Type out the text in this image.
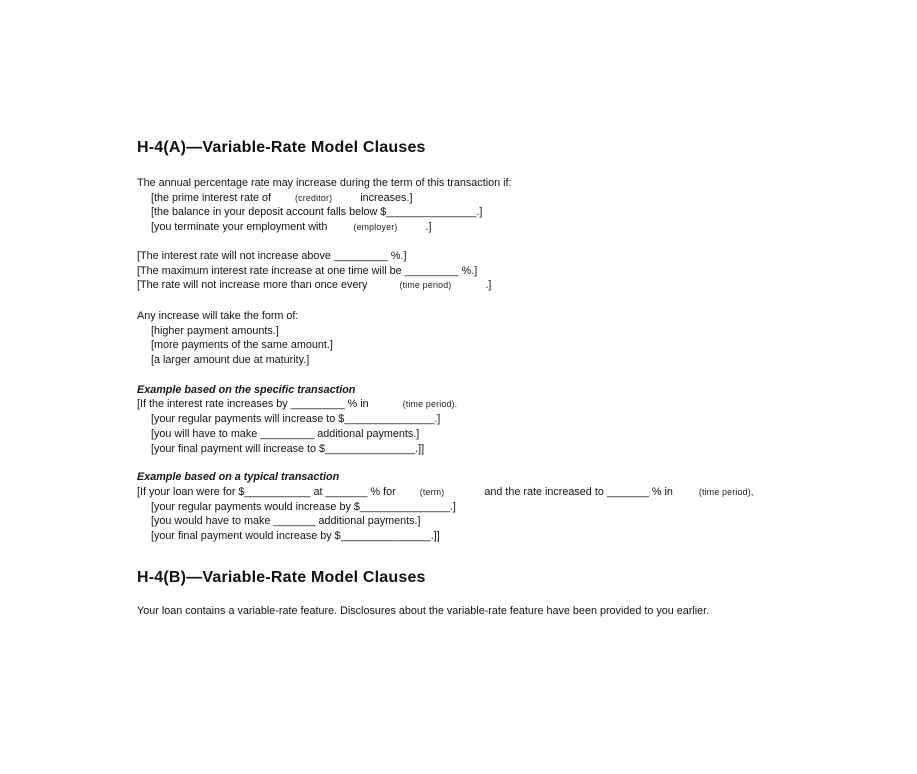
H-4(A)—Variable-Rate Model Clauses
The annual percentage rate may increase during the term of this transaction if:
[the prime interest rate of	(creditor)	increases.]
[the balance in your deposit account falls below $_______________.]
[you terminate your employment with	(employer)	.]
[The interest rate will not increase above _________ %.]
[The maximum interest rate increase at one time will be _________ %.]
[The rate will not increase more than once every	(time period)	.]
Any increase will take the form of:
[higher payment amounts.]
[more payments of the same amount.]
[a larger amount due at maturity.]
Example based on the specific transaction
[If the interest rate increases by _________ % in	(time period).
[your regular payments will increase to $_______________.]
[you will have to make _________ additional payments.]
[your final payment will increase to $_______________.]]
Example based on a typical transaction
[If your loan were for $___________ at _______ % for	(term)	and the rate increased to _______ % in	(time period),
[your regular payments would increase by $_______________.]
[you would have to make _______ additional payments.]
[your final payment would increase by $_______________.]]
H-4(B)—Variable-Rate Model Clauses
Your loan contains a variable-rate feature. Disclosures about the variable-rate feature have been provided to you earlier.
